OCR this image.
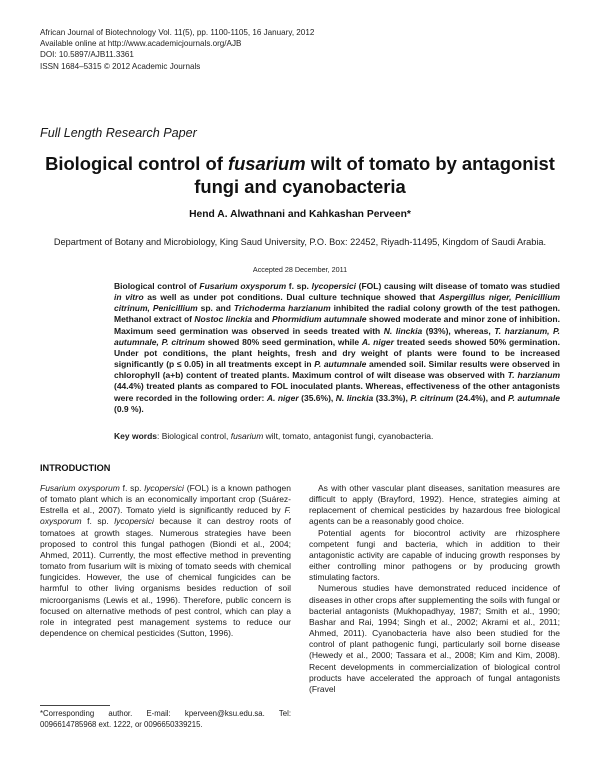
African Journal of Biotechnology Vol. 11(5), pp. 1100-1105, 16 January, 2012
Available online at http://www.academicjournals.org/AJB
DOI: 10.5897/AJB11.3361
ISSN 1684–5315 © 2012 Academic Journals
Full Length Research Paper
Biological control of fusarium wilt of tomato by antagonist fungi and cyanobacteria
Hend A. Alwathnani and Kahkashan Perveen*
Department of Botany and Microbiology, King Saud University, P.O. Box: 22452, Riyadh-11495, Kingdom of Saudi Arabia.
Accepted 28 December, 2011
Biological control of Fusarium oxysporum f. sp. lycopersici (FOL) causing wilt disease of tomato was studied in vitro as well as under pot conditions. Dual culture technique showed that Aspergillus niger, Penicillium citrinum, Penicillium sp. and Trichoderma harzianum inhibited the radial colony growth of the test pathogen. Methanol extract of Nostoc linckia and Phormidium autumnale showed moderate and minor zone of inhibition. Maximum seed germination was observed in seeds treated with N. linckia (93%), whereas, T. harzianum, P. autumnale, P. citrinum showed 80% seed germination, while A. niger treated seeds showed 50% germination. Under pot conditions, the plant heights, fresh and dry weight of plants were found to be increased significantly (p ≤ 0.05) in all treatments except in P. autumnale amended soil. Similar results were observed in chlorophyll (a+b) content of treated plants. Maximum control of wilt disease was observed with T. harzianum (44.4%) treated plants as compared to FOL inoculated plants. Whereas, effectiveness of the other antagonists were recorded in the following order: A. niger (35.6%), N. linckia (33.3%), P. citrinum (24.4%), and P. autumnale (0.9 %).
Key words: Biological control, fusarium wilt, tomato, antagonist fungi, cyanobacteria.
INTRODUCTION

Fusarium oxysporum f. sp. lycopersici (FOL) is a known pathogen of tomato plant which is an economically important crop (Suárez-Estrella et al., 2007). Tomato yield is significantly reduced by F. oxysporum f. sp. lycopersici because it can destroy roots of tomatoes at growth stages. Numerous strategies have been proposed to control this fungal pathogen (Biondi et al., 2004; Ahmed, 2011). Currently, the most effective method in preventing tomato from fusarium wilt is mixing of tomato seeds with chemical fungicides. However, the use of chemical fungicides can be harmful to other living organisms besides reduction of soil microorganisms (Lewis et al., 1996). Therefore, public concern is focused on alternative methods of pest control, which can play a role in integrated pest management systems to reduce our dependence on chemical pesticides (Sutton, 1996).

As with other vascular plant diseases, sanitation measures are difficult to apply (Brayford, 1992). Hence, strategies aiming at replacement of chemical pesticides by hazardous free biological agents can be a reasonably good choice.

Potential agents for biocontrol activity are rhizosphere competent fungi and bacteria, which in addition to their antagonistic activity are capable of inducing growth responses by either controlling minor pathogens or by producing growth stimulating factors.

Numerous studies have demonstrated reduced incidence of diseases in other crops after supplementing the soils with fungal or bacterial antagonists (Mukhopadhyay, 1987; Smith et al., 1990; Bashar and Rai, 1994; Singh et al., 2002; Akrami et al., 2011; Ahmed, 2011). Cyanobacteria have also been studied for the control of plant pathogenic fungi, particularly soil borne disease (Hewedy et al., 2000; Tassara et al., 2008; Kim and Kim, 2008). Recent developments in commercialization of biological control products have accelerated the approach of fungal antagonists (Fravel

*Corresponding author. E-mail: kperveen@ksu.edu.sa. Tel: 0096614785968 ext. 1222, or 0096650339215.
